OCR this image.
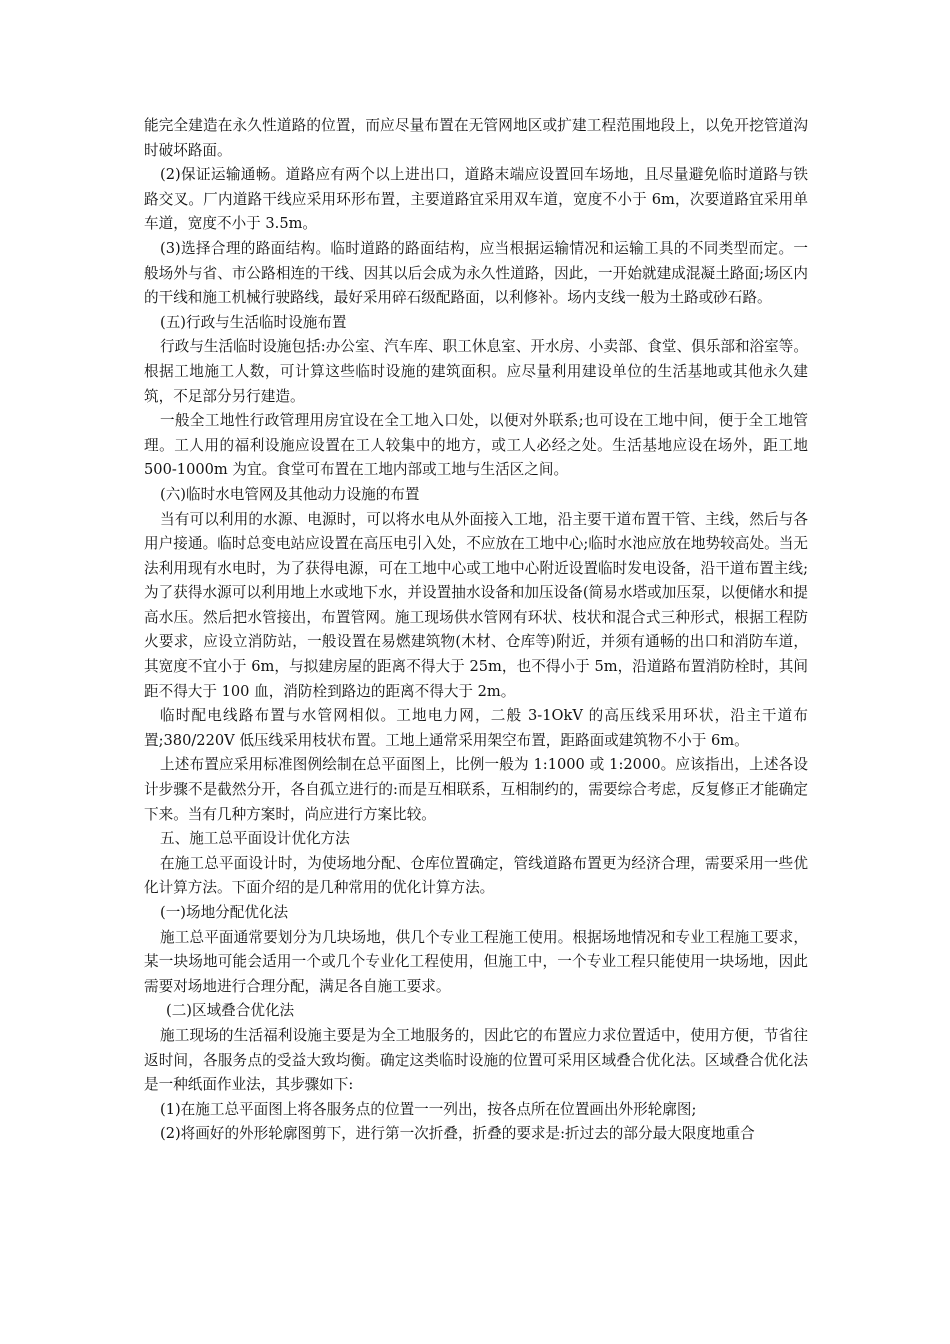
能完全建造在永久性道路的位置，而应尽量布置在无管网地区或扩建工程范围地段上，以免开挖管道沟时破坏路面。

(2)保证运输通畅。道路应有两个以上进出口，道路末端应设置回车场地，且尽量避免临时道路与铁路交叉。厂内道路干线应采用环形布置，主要道路宜采用双车道，宽度不小于 6m，次要道路宜采用单车道，宽度不小于 3.5m。

(3)选择合理的路面结构。临时道路的路面结构，应当根据运输情况和运输工具的不同类型而定。一般场外与省、市公路相连的干线、因其以后会成为永久性道路，因此，一开始就建成混凝土路面;场区内的干线和施工机械行驶路线，最好采用碎石级配路面，以利修补。场内支线一般为土路或砂石路。

(五)行政与生活临时设施布置

行政与生活临时设施包括:办公室、汽车库、职工休息室、开水房、小卖部、食堂、俱乐部和浴室等。根据工地施工人数，可计算这些临时设施的建筑面积。应尽量利用建设单位的生活基地或其他永久建筑，不足部分另行建造。

一般全工地性行政管理用房宜设在全工地入口处，以便对外联系;也可设在工地中间，便于全工地管理。工人用的福利设施应设置在工人较集中的地方，或工人必经之处。生活基地应设在场外，距工地 500-1000m 为宜。食堂可布置在工地内部或工地与生活区之间。

(六)临时水电管网及其他动力设施的布置

当有可以利用的水源、电源时，可以将水电从外面接入工地，沿主要干道布置干管、主线，然后与各用户接通。临时总变电站应设置在高压电引入处，不应放在工地中心;临时水池应放在地势较高处。当无法利用现有水电时，为了获得电源，可在工地中心或工地中心附近设置临时发电设备，沿干道布置主线;为了获得水源可以利用地上水或地下水，并设置抽水设备和加压设备(简易水塔或加压泵，以便储水和提高水压。然后把水管接出，布置管网。施工现场供水管网有环状、枝状和混合式三种形式，根据工程防火要求，应设立消防站，一般设置在易燃建筑物(木材、仓库等)附近，并须有通畅的出口和消防车道，其宽度不宜小于 6m，与拟建房屋的距离不得大于 25m，也不得小于 5m，沿道路布置消防栓时，其间距不得大于 100 血，消防栓到路边的距离不得大于 2m。

临时配电线路布置与水管网相似。工地电力网，二般 3-1OkV 的高压线采用环状，沿主干道布置;380/220V 低压线采用枝状布置。工地上通常采用架空布置，距路面或建筑物不小于 6m。

上述布置应采用标准图例绘制在总平面图上，比例一般为 1:1000 或 1:2000。应该指出，上述各设计步骤不是截然分开，各自孤立进行的:而是互相联系，互相制约的，需要综合考虑，反复修正才能确定下来。当有几种方案时，尚应进行方案比较。

五、施工总平面设计优化方法

在施工总平面设计时，为使场地分配、仓库位置确定，管线道路布置更为经济合理，需要采用一些优化计算方法。下面介绍的是几种常用的优化计算方法。

(一)场地分配优化法

施工总平面通常要划分为几块场地，供几个专业工程施工使用。根据场地情况和专业工程施工要求，某一块场地可能会适用一个或几个专业化工程使用，但施工中，一个专业工程只能使用一块场地，因此需要对场地进行合理分配，满足各自施工要求。

(二)区域叠合优化法

施工现场的生活福利设施主要是为全工地服务的，因此它的布置应力求位置适中，使用方便，节省往返时间，各服务点的受益大致均衡。确定这类临时设施的位置可采用区域叠合优化法。区域叠合优化法是一种纸面作业法，其步骤如下:

(1)在施工总平面图上将各服务点的位置一一列出，按各点所在位置画出外形轮廓图;

(2)将画好的外形轮廓图剪下，进行第一次折叠，折叠的要求是:折过去的部分最大限度地重合
